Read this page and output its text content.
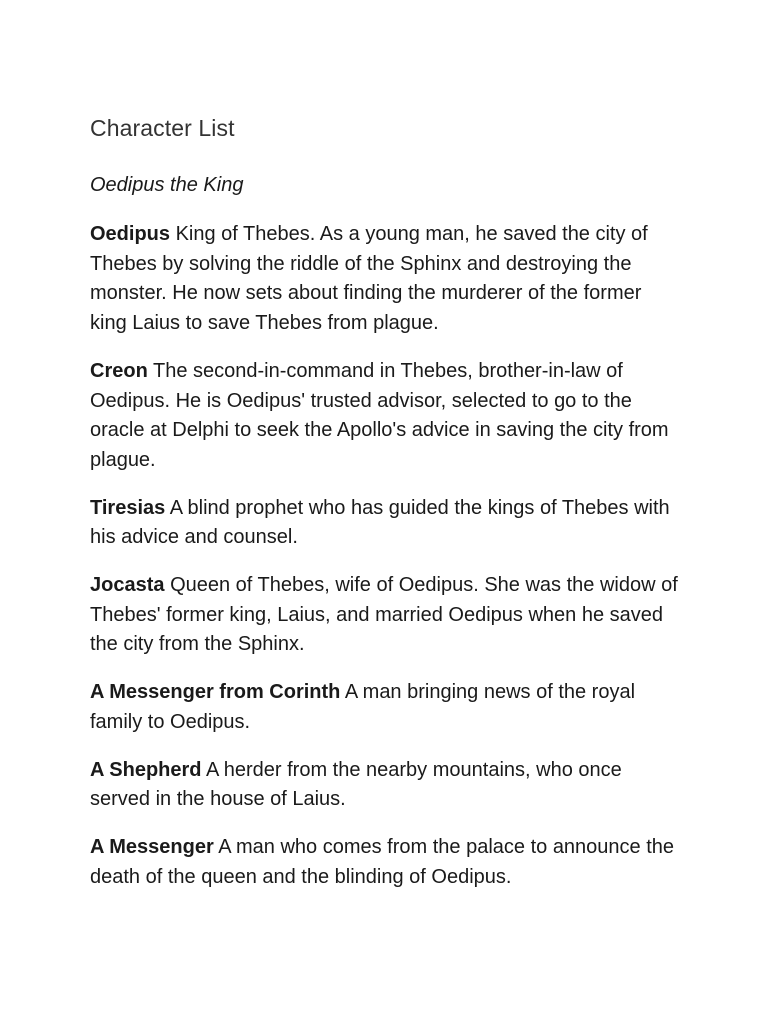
Character List

Oedipus the King

Oedipus King of Thebes. As a young man, he saved the city of Thebes by solving the riddle of the Sphinx and destroying the monster. He now sets about finding the murderer of the former king Laius to save Thebes from plague.

Creon The second-in-command in Thebes, brother-in-law of Oedipus. He is Oedipus' trusted advisor, selected to go to the oracle at Delphi to seek the Apollo's advice in saving the city from plague.

Tiresias A blind prophet who has guided the kings of Thebes with his advice and counsel.

Jocasta Queen of Thebes, wife of Oedipus. She was the widow of Thebes' former king, Laius, and married Oedipus when he saved the city from the Sphinx.

A Messenger from Corinth A man bringing news of the royal family to Oedipus.

A Shepherd A herder from the nearby mountains, who once served in the house of Laius.

A Messenger A man who comes from the palace to announce the death of the queen and the blinding of Oedipus.
